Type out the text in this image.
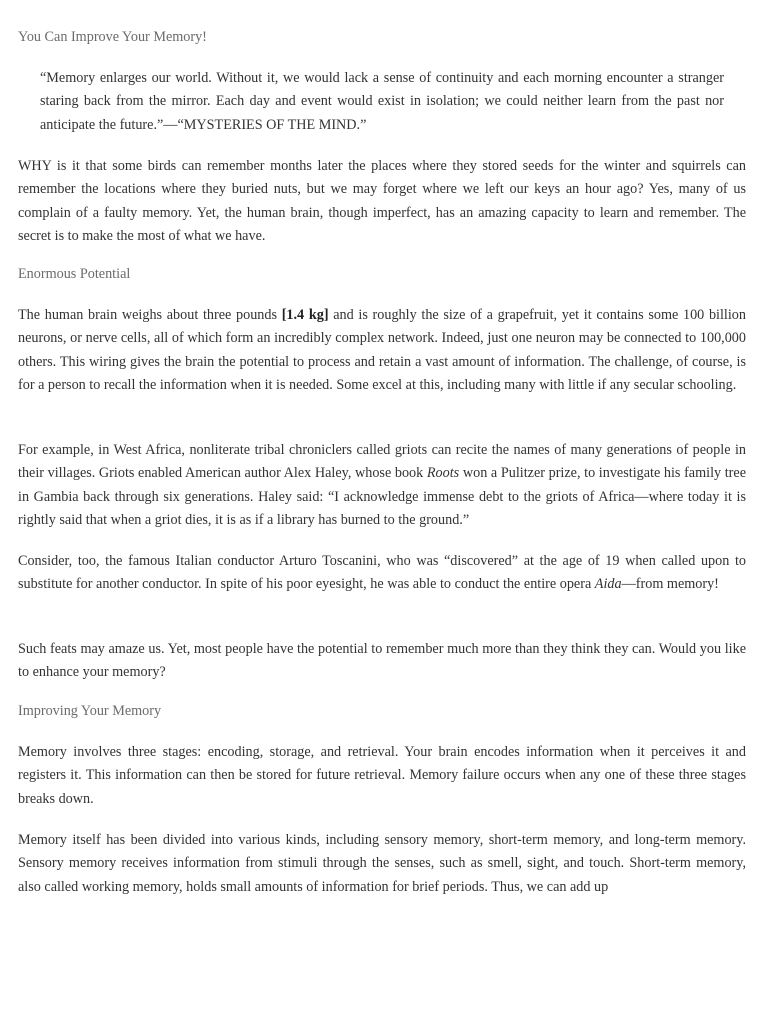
You Can Improve Your Memory!

“Memory enlarges our world. Without it, we would lack a sense of continuity and each morning encounter a stranger staring back from the mirror. Each day and event would exist in isolation; we could neither learn from the past nor anticipate the future.”—“MYSTERIES OF THE MIND.”

WHY is it that some birds can remember months later the places where they stored seeds for the winter and squirrels can remember the locations where they buried nuts, but we may forget where we left our keys an hour ago? Yes, many of us complain of a faulty memory. Yet, the human brain, though imperfect, has an amazing capacity to learn and remember. The secret is to make the most of what we have.

Enormous Potential

The human brain weighs about three pounds [1.4 kg] and is roughly the size of a grapefruit, yet it contains some 100 billion neurons, or nerve cells, all of which form an incredibly complex network. Indeed, just one neuron may be connected to 100,000 others. This wiring gives the brain the potential to process and retain a vast amount of information. The challenge, of course, is for a person to recall the information when it is needed. Some excel at this, including many with little if any secular schooling.

For example, in West Africa, nonliterate tribal chroniclers called griots can recite the names of many generations of people in their villages. Griots enabled American author Alex Haley, whose book Roots won a Pulitzer prize, to investigate his family tree in Gambia back through six generations. Haley said: “I acknowledge immense debt to the griots of Africa—where today it is rightly said that when a griot dies, it is as if a library has burned to the ground.”

Consider, too, the famous Italian conductor Arturo Toscanini, who was “discovered” at the age of 19 when called upon to substitute for another conductor. In spite of his poor eyesight, he was able to conduct the entire opera Aida—from memory!

Such feats may amaze us. Yet, most people have the potential to remember much more than they think they can. Would you like to enhance your memory?

Improving Your Memory

Memory involves three stages: encoding, storage, and retrieval. Your brain encodes information when it perceives it and registers it. This information can then be stored for future retrieval. Memory failure occurs when any one of these three stages breaks down.

Memory itself has been divided into various kinds, including sensory memory, short-term memory, and long-term memory. Sensory memory receives information from stimuli through the senses, such as smell, sight, and touch. Short-term memory, also called working memory, holds small amounts of information for brief periods. Thus, we can add up
